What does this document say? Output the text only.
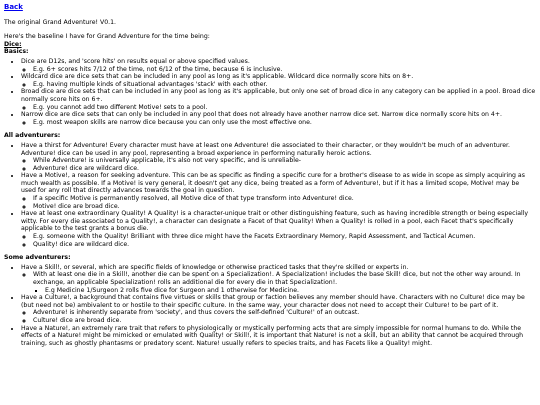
Back

The original Grand Adventure! V0.1.

Here's the baseline I have for Grand Adventure for the time being:

Dice:

Basics:

• Dice are D12s, and 'score hits' on results equal or above specified values.
◦ E.g. 6+ scores hits 7/12 of the time, not 6/12 of the time, because 6 is inclusive.
• Wildcard dice are dice sets that can be included in any pool as long as it's applicable. Wildcard dice normally score hits on 8+.
◦ E.g. having multiple kinds of situational advantages 'stack' with each other.
• Broad dice are dice sets that can be included in any pool as long as it's applicable, but only one set of broad dice in any category can be applied in a pool. Broad dice normally score hits on 6+.
◦ E.g. you cannot add two different Motive! sets to a pool.
• Narrow dice are dice sets that can only be included in any pool that does not already have another narrow dice set. Narrow dice normally score hits on 4+.
◦ E.g. most weapon skills are narrow dice because you can only use the most effective one.

All adventurers:

• Have a thirst for Adventure! Every character must have at least one Adventure! die associated to their character, or they wouldn't be much of an adventurer. Adventure! dice can be used in any pool, representing a broad experience in performing naturally heroic actions.
◦ While Adventure! is universally applicable, it's also not very specific, and is unreliable-
◦ Adventure! dice are wildcard dice.
• Have a Motive!, a reason for seeking adventure. This can be as specific as finding a specific cure for a brother's disease to as wide in scope as simply acquiring as much wealth as possible. If a Motive! is very general, it doesn't get any dice, being treated as a form of Adventure!, but if it has a limited scope, Motive! may be used for any roll that directly advances towards the goal in question.
◦ If a specific Motive is permanently resolved, all Motive dice of that type transform into Adventure! dice.
◦ Motive! dice are broad dice.
• Have at least one extraordinary Quality! A Quality! is a character-unique trait or other distinguishing feature, such as having incredible strength or being especially witty. For every die associated to a Quality!, a character can designate a Facet of that Quality! When a Quality! is rolled in a pool, each Facet that's specifically applicable to the test grants a bonus die.
◦ E.g. someone with the Quality! Brilliant with three dice might have the Facets Extraordinary Memory, Rapid Assessment, and Tactical Acumen.
◦ Quality! dice are wildcard dice.

Some adventurers:

• Have a Skill!, or several, which are specific fields of knowledge or otherwise practiced tasks that they're skilled or experts in.
◦ With at least one die in a Skill!, another die can be spent on a Specialization!. A Specialization! includes the base Skill! dice, but not the other way around. In exchange, an applicable Specialization! rolls an additional die for every die in that Specialization!.
▪ E.g Medicine 1/Surgeon 2 rolls five dice for Surgeon and 1 otherwise for Medicine.
• Have a Culture!, a background that contains five virtues or skills that group or faction believes any member should have. Characters with no Culture! dice may be (but need not be) ambivalent to or hostile to their specific culture. In the same way, your character does not need to accept their Culture! to be part of it.
◦ Adventure! is inherently separate from 'society', and thus covers the self-defined 'Culture!' of an outcast.
◦ Culture! dice are broad dice.
• Have a Nature!, an extremely rare trait that refers to physiologically or mystically performing acts that are simply impossible for normal humans to do. While the effects of a Nature! might be mimicked or emulated with Quality! or Skill!, it is important that Nature! is not a skill, but an ability that cannot be acquired through training, such as ghostly phantasms or predatory scent. Nature! usually refers to species traits, and has Facets like a Quality! might.
